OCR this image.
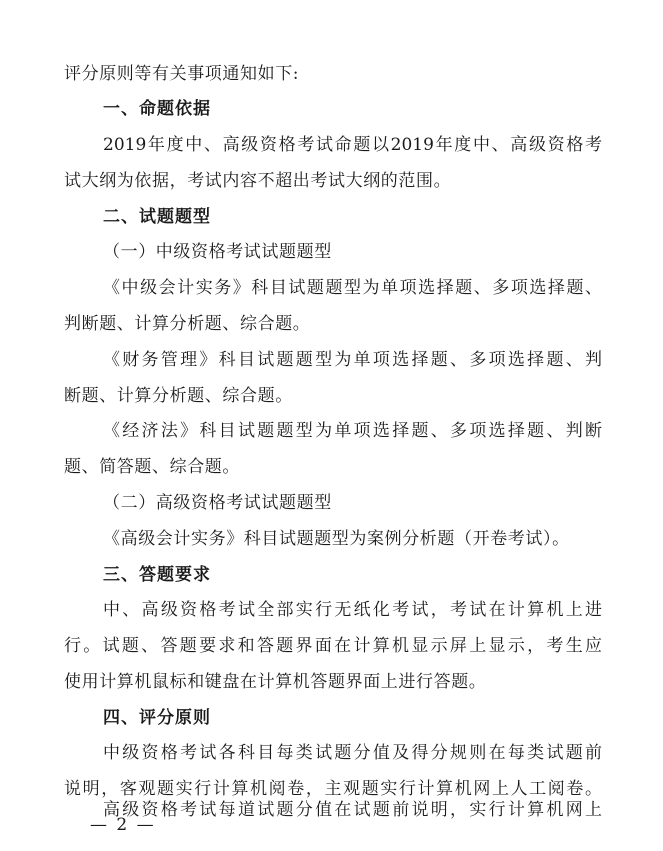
评分原则等有关事项通知如下:
一、命题依据
2019年度中、高级资格考试命题以2019年度中、高级资格考
试大纲为依据，考试内容不超出考试大纲的范围。
二、试题题型
（一）中级资格考试试题题型
《中级会计实务》科目试题题型为单项选择题、多项选择题、
判断题、计算分析题、综合题。
《财务管理》科目试题题型为单项选择题、多项选择题、判
断题、计算分析题、综合题。
《经济法》科目试题题型为单项选择题、多项选择题、判断
题、简答题、综合题。
（二）高级资格考试试题题型
《高级会计实务》科目试题题型为案例分析题（开卷考试）。
三、答题要求
中、高级资格考试全部实行无纸化考试，考试在计算机上进
行。试题、答题要求和答题界面在计算机显示屏上显示，考生应
使用计算机鼠标和键盘在计算机答题界面上进行答题。
四、评分原则
中级资格考试各科目每类试题分值及得分规则在每类试题前
说明，客观题实行计算机阅卷，主观题实行计算机网上人工阅卷。
高级资格考试每道试题分值在试题前说明，实行计算机网上
— 2 —
